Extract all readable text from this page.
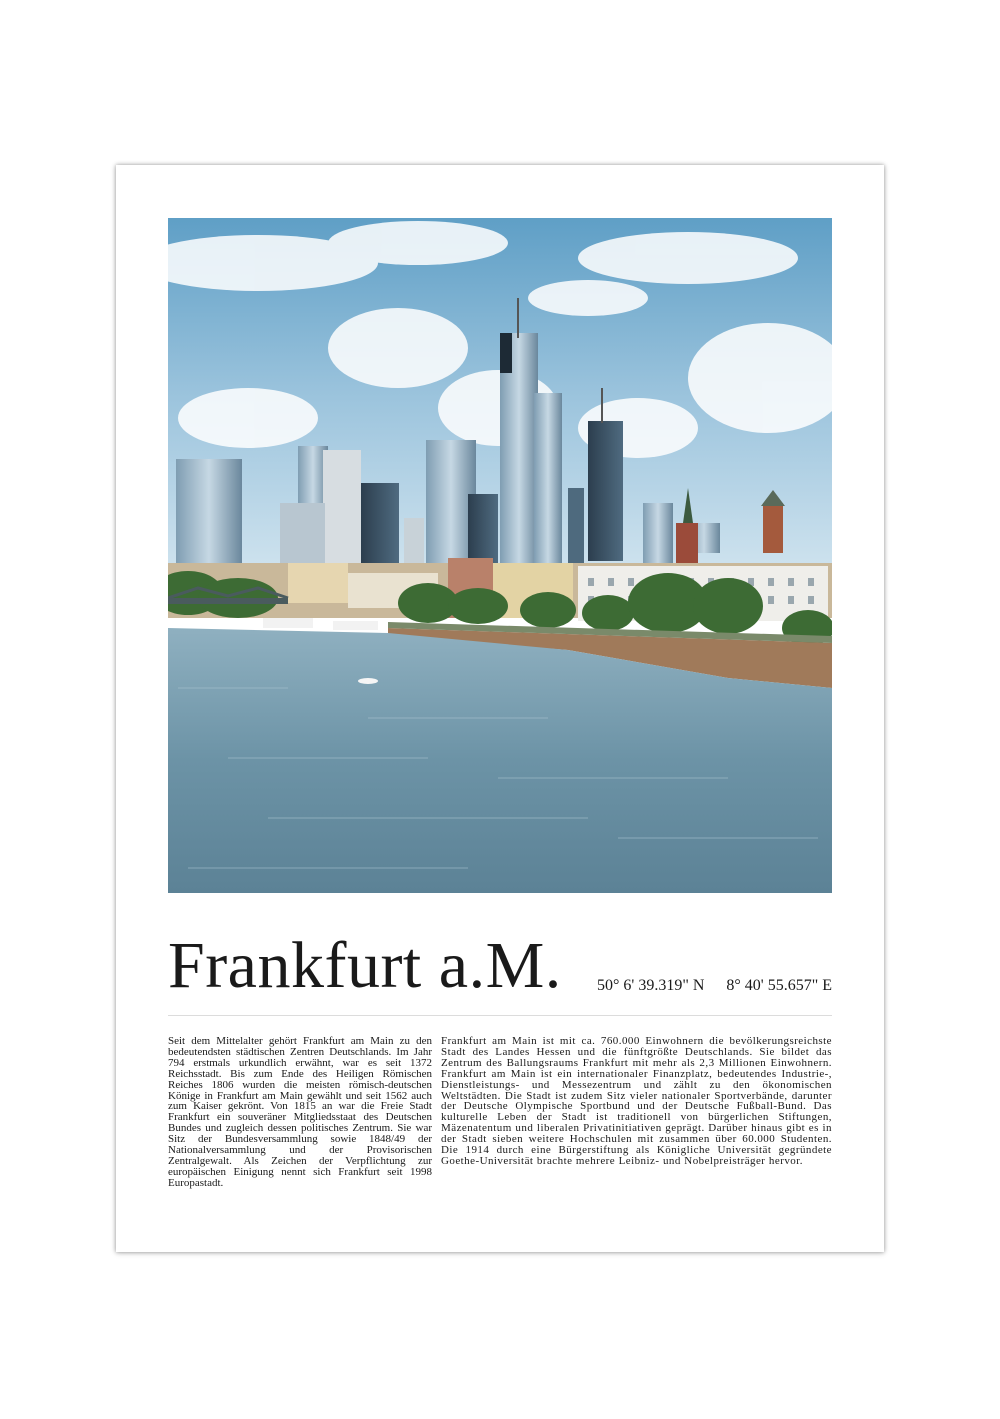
Frankfurt a.M.	50° 6' 39.319" N 8° 40' 55.657" E
Seit dem Mittelalter gehört Frankfurt am Main zu den bedeutendsten städtischen Zentren Deutschlands. Im Jahr 794 erstmals urkundlich erwähnt, war es seit 1372 Reichsstadt. Bis zum Ende des Heiligen Römischen Reiches 1806 wurden die meisten römisch-deutschen Könige in Frankfurt am Main gewählt und seit 1562 auch zum Kaiser gekrönt. Von 1815 an war die Freie Stadt Frankfurt ein souveräner Mitgliedsstaat des Deutschen Bundes und zugleich dessen politisches Zentrum. Sie war Sitz der Bundesversammlung sowie 1848/49 der Nationalversammlung und der Provisorischen Zentralgewalt. Als Zeichen der Verpflichtung zur europäischen Einigung nennt sich Frankfurt seit 1998 Europastadt.
Frankfurt am Main ist mit ca. 760.000 Einwohnern die bevölkerungsreichste Stadt des Landes Hessen und die fünftgrößte Deutschlands. Sie bildet das Zentrum des Ballungsraums Frankfurt mit mehr als 2,3 Millionen Einwohnern. Frankfurt am Main ist ein internationaler Finanzplatz, bedeutendes Industrie-, Dienstleistungs- und Messezentrum und zählt zu den ökonomischen Weltstädten. Die Stadt ist zudem Sitz vieler nationaler Sportverbände, darunter der Deutsche Olympische Sportbund und der Deutsche Fußball-Bund. Das kulturelle Leben der Stadt ist traditionell von bürgerlichen Stiftungen, Mäzenatentum und liberalen Privatinitiativen geprägt. Darüber hinaus gibt es in der Stadt sieben weitere Hochschulen mit zusammen über 60.000 Studenten. Die 1914 durch eine Bürgerstiftung als Königliche Universität gegründete Goethe-Universität brachte mehrere Leibniz- und Nobelpreisträger hervor.
